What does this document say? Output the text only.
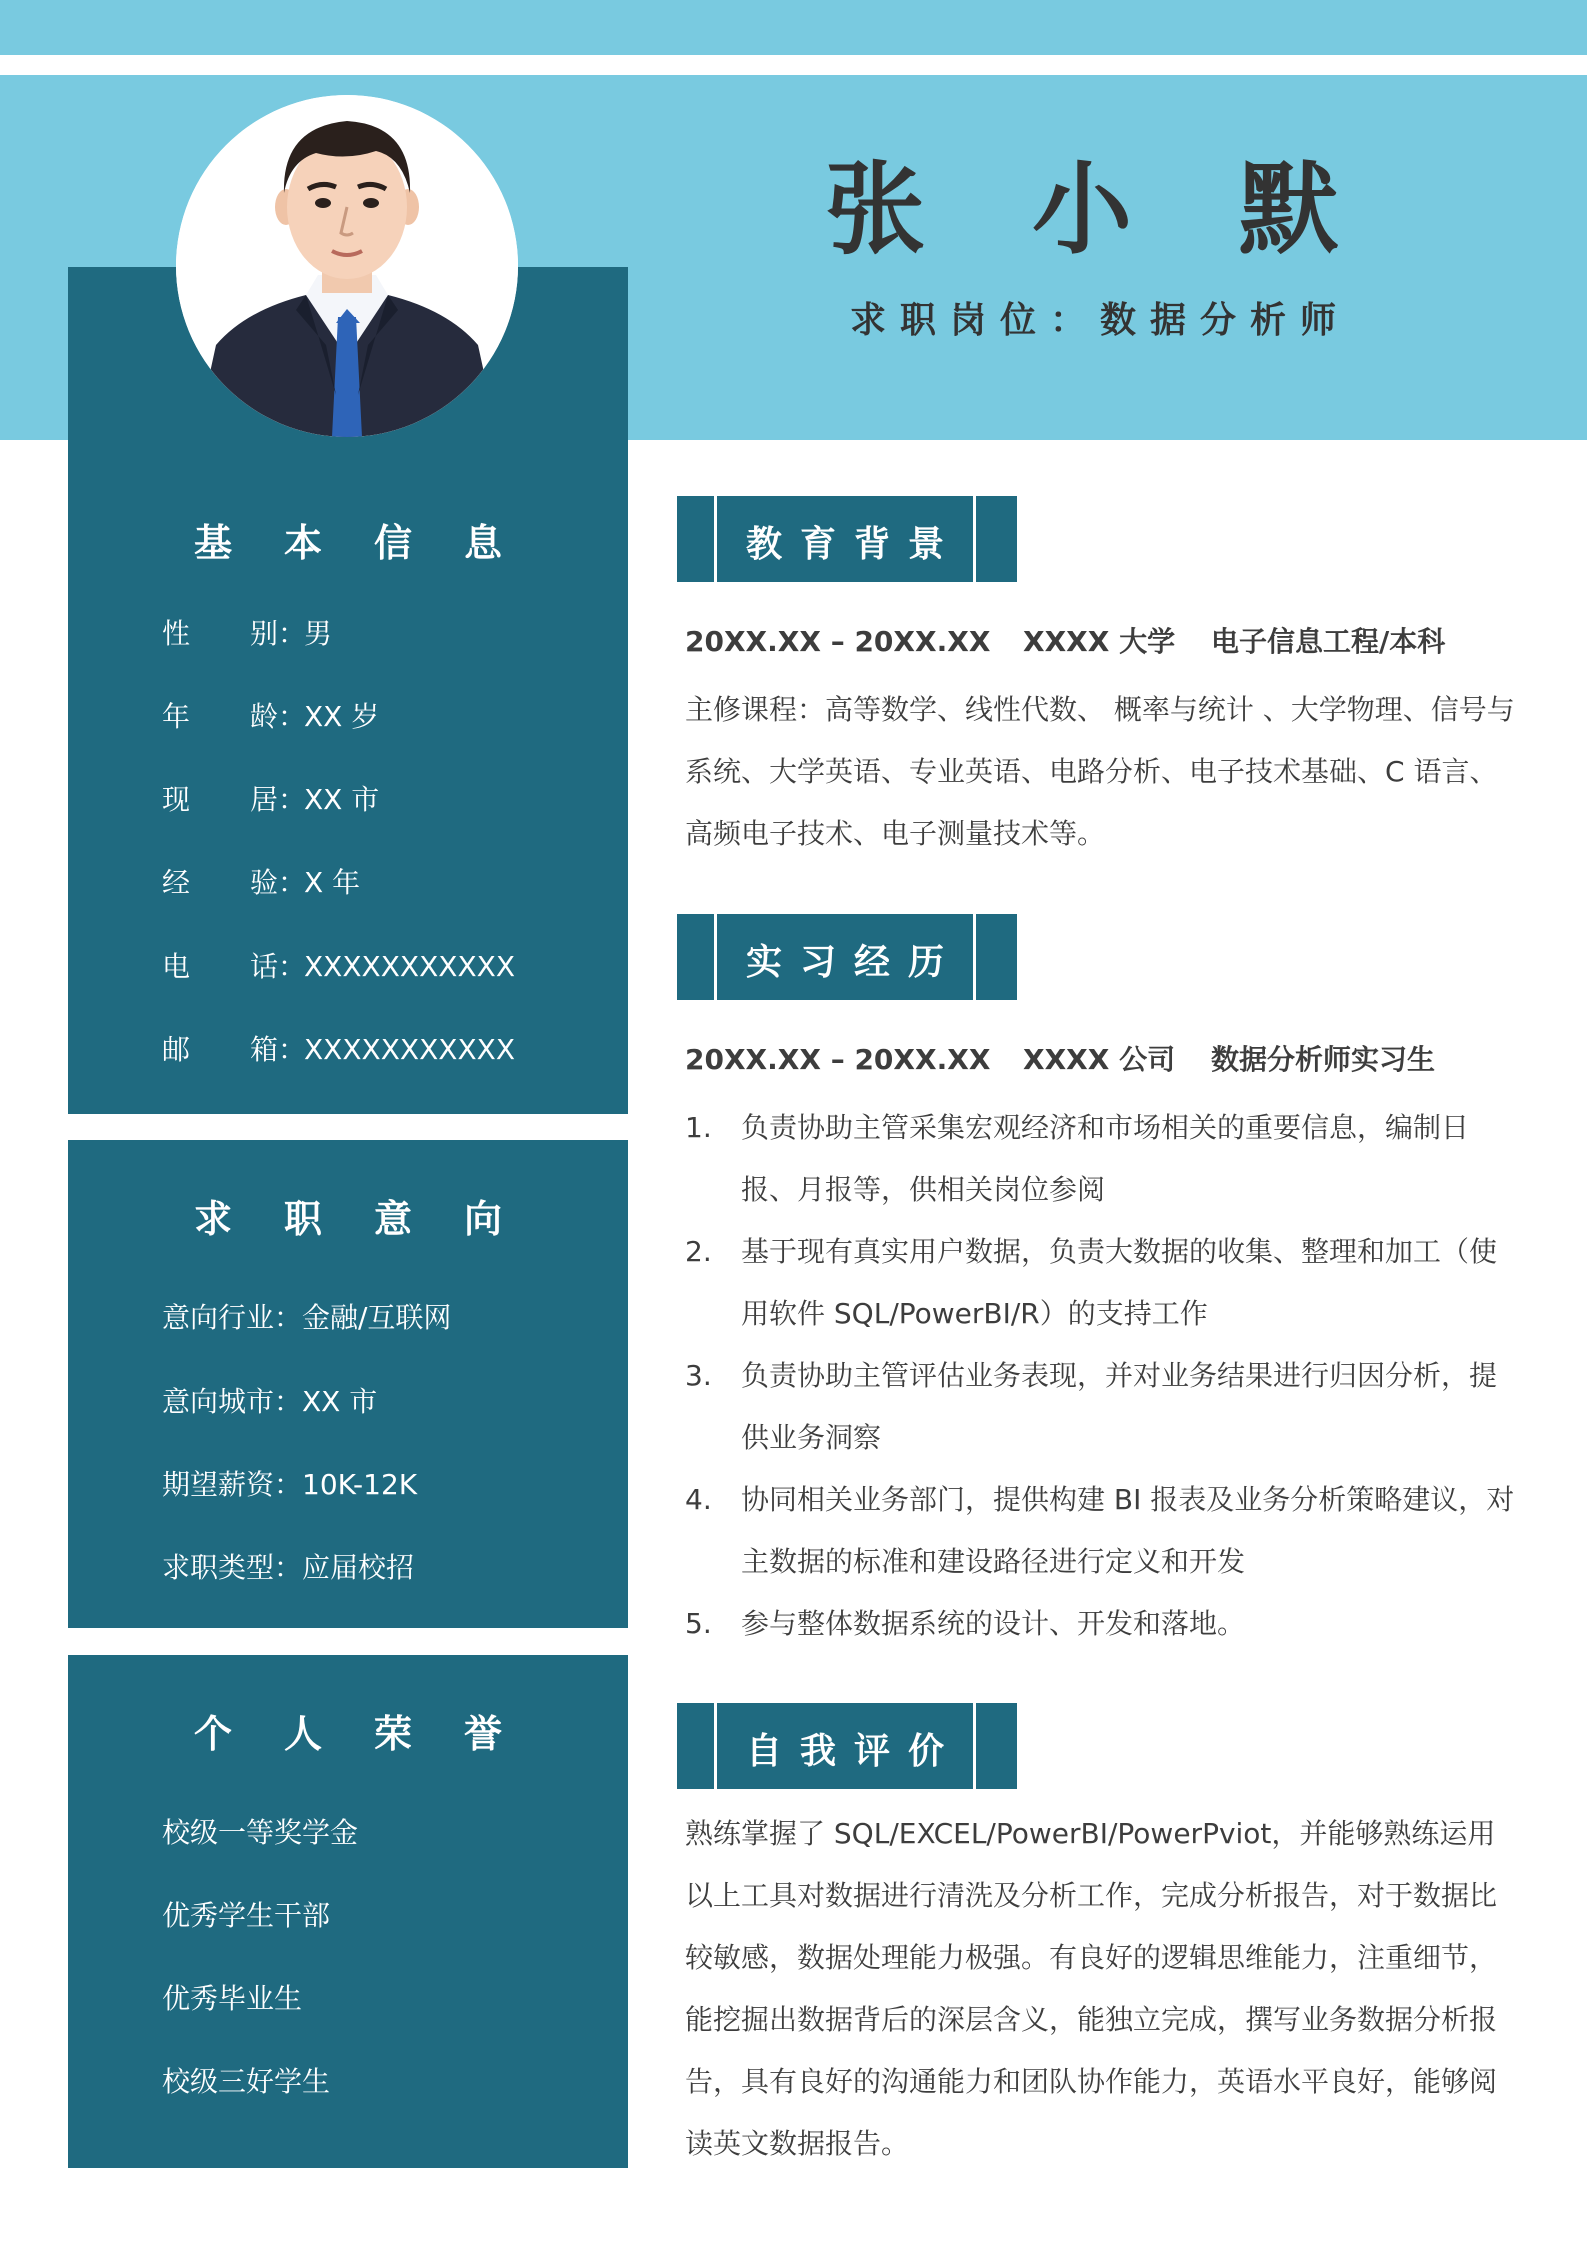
张 小 默
求职岗位：数据分析师
基本信息
性 别：男
年 龄：XX 岁
现 居：XX 市
经 验：X 年
电 话：XXXXXXXXXXX
邮 箱：XXXXXXXXXXX
求职意向
意向行业：金融/互联网
意向城市：XX 市
期望薪资：10K-12K
求职类型：应届校招
个人荣誉
校级一等奖学金
优秀学生干部
优秀毕业生
校级三好学生
教育背景
20XX.XX – 20XX.XX XXXX 大学 电子信息工程/本科
主修课程：高等数学、线性代数、 概率与统计 、大学物理、信号与系统、大学英语、专业英语、电路分析、电子技术基础、C 语言、高频电子技术、电子测量技术等。
实习经历
20XX.XX – 20XX.XX XXXX 公司 数据分析师实习生
1. 负责协助主管采集宏观经济和市场相关的重要信息，编制日报、月报等，供相关岗位参阅
2. 基于现有真实用户数据，负责大数据的收集、整理和加工（使用软件 SQL/PowerBI/R）的支持工作
3. 负责协助主管评估业务表现，并对业务结果进行归因分析，提供业务洞察
4. 协同相关业务部门，提供构建 BI 报表及业务分析策略建议，对主数据的标准和建设路径进行定义和开发
5. 参与整体数据系统的设计、开发和落地。
自我评价
熟练掌握了 SQL/EXCEL/PowerBI/PowerPviot，并能够熟练运用以上工具对数据进行清洗及分析工作，完成分析报告，对于数据比较敏感，数据处理能力极强。有良好的逻辑思维能力，注重细节，能挖掘出数据背后的深层含义，能独立完成，撰写业务数据分析报告，具有良好的沟通能力和团队协作能力，英语水平良好，能够阅读英文数据报告。
